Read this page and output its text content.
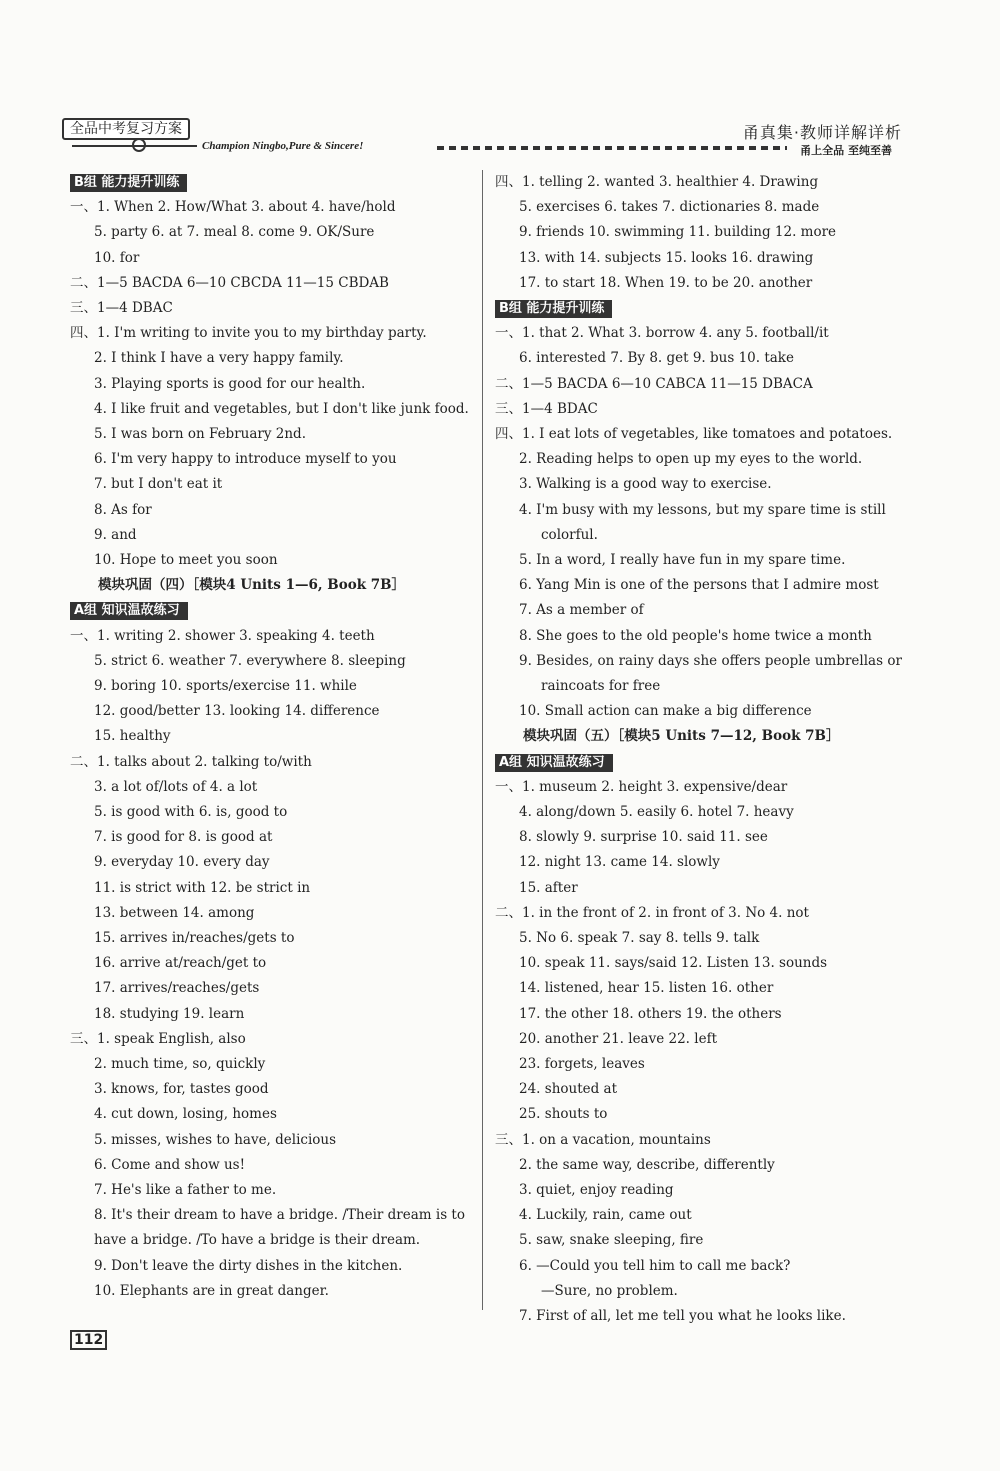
全品中考复习方案
Champion Ningbo,Pure & Sincere!
甬真集·教师详解详析
甬上全品 至纯至善
B组 能力提升训练
一、1. When 2. How/What 3. about 4. have/hold
5. party 6. at 7. meal 8. come 9. OK/Sure
10. for
二、1—5 BACDA 6—10 CBCDA 11—15 CBDAB
三、1—4 DBAC
四、1. I'm writing to invite you to my birthday party.
2. I think I have a very happy family.
3. Playing sports is good for our health.
4. I like fruit and vegetables, but I don't like junk food.
5. I was born on February 2nd.
6. I'm very happy to introduce myself to you
7. but I don't eat it
8. As for
9. and
10. Hope to meet you soon
模块巩固（四）［模块4 Units 1—6, Book 7B］
A组 知识温故练习
一、1. writing 2. shower 3. speaking 4. teeth
5. strict 6. weather 7. everywhere 8. sleeping
9. boring 10. sports/exercise 11. while
12. good/better 13. looking 14. difference
15. healthy
二、1. talks about 2. talking to/with
3. a lot of/lots of 4. a lot
5. is good with 6. is, good to
7. is good for 8. is good at
9. everyday 10. every day
11. is strict with 12. be strict in
13. between 14. among
15. arrives in/reaches/gets to
16. arrive at/reach/get to
17. arrives/reaches/gets
18. studying 19. learn
三、1. speak English, also
2. much time, so, quickly
3. knows, for, tastes good
4. cut down, losing, homes
5. misses, wishes to have, delicious
6. Come and show us!
7. He's like a father to me.
8. It's their dream to have a bridge. /Their dream is to
have a bridge. /To have a bridge is their dream.
9. Don't leave the dirty dishes in the kitchen.
10. Elephants are in great danger.
四、1. telling 2. wanted 3. healthier 4. Drawing
5. exercises 6. takes 7. dictionaries 8. made
9. friends 10. swimming 11. building 12. more
13. with 14. subjects 15. looks 16. drawing
17. to start 18. When 19. to be 20. another
B组 能力提升训练
一、1. that 2. What 3. borrow 4. any 5. football/it
6. interested 7. By 8. get 9. bus 10. take
二、1—5 BACDA 6—10 CABCA 11—15 DBACA
三、1—4 BDAC
四、1. I eat lots of vegetables, like tomatoes and potatoes.
2. Reading helps to open up my eyes to the world.
3. Walking is a good way to exercise.
4. I'm busy with my lessons, but my spare time is still
colorful.
5. In a word, I really have fun in my spare time.
6. Yang Min is one of the persons that I admire most
7. As a member of
8. She goes to the old people's home twice a month
9. Besides, on rainy days she offers people umbrellas or
raincoats for free
10. Small action can make a big difference
模块巩固（五）［模块5 Units 7—12, Book 7B］
A组 知识温故练习
一、1. museum 2. height 3. expensive/dear
4. along/down 5. easily 6. hotel 7. heavy
8. slowly 9. surprise 10. said 11. see
12. night 13. came 14. slowly
15. after
二、1. in the front of 2. in front of 3. No 4. not
5. No 6. speak 7. say 8. tells 9. talk
10. speak 11. says/said 12. Listen 13. sounds
14. listened, hear 15. listen 16. other
17. the other 18. others 19. the others
20. another 21. leave 22. left
23. forgets, leaves
24. shouted at
25. shouts to
三、1. on a vacation, mountains
2. the same way, describe, differently
3. quiet, enjoy reading
4. Luckily, rain, came out
5. saw, snake sleeping, fire
6. —Could you tell him to call me back?
—Sure, no problem.
7. First of all, let me tell you what he looks like.
112
